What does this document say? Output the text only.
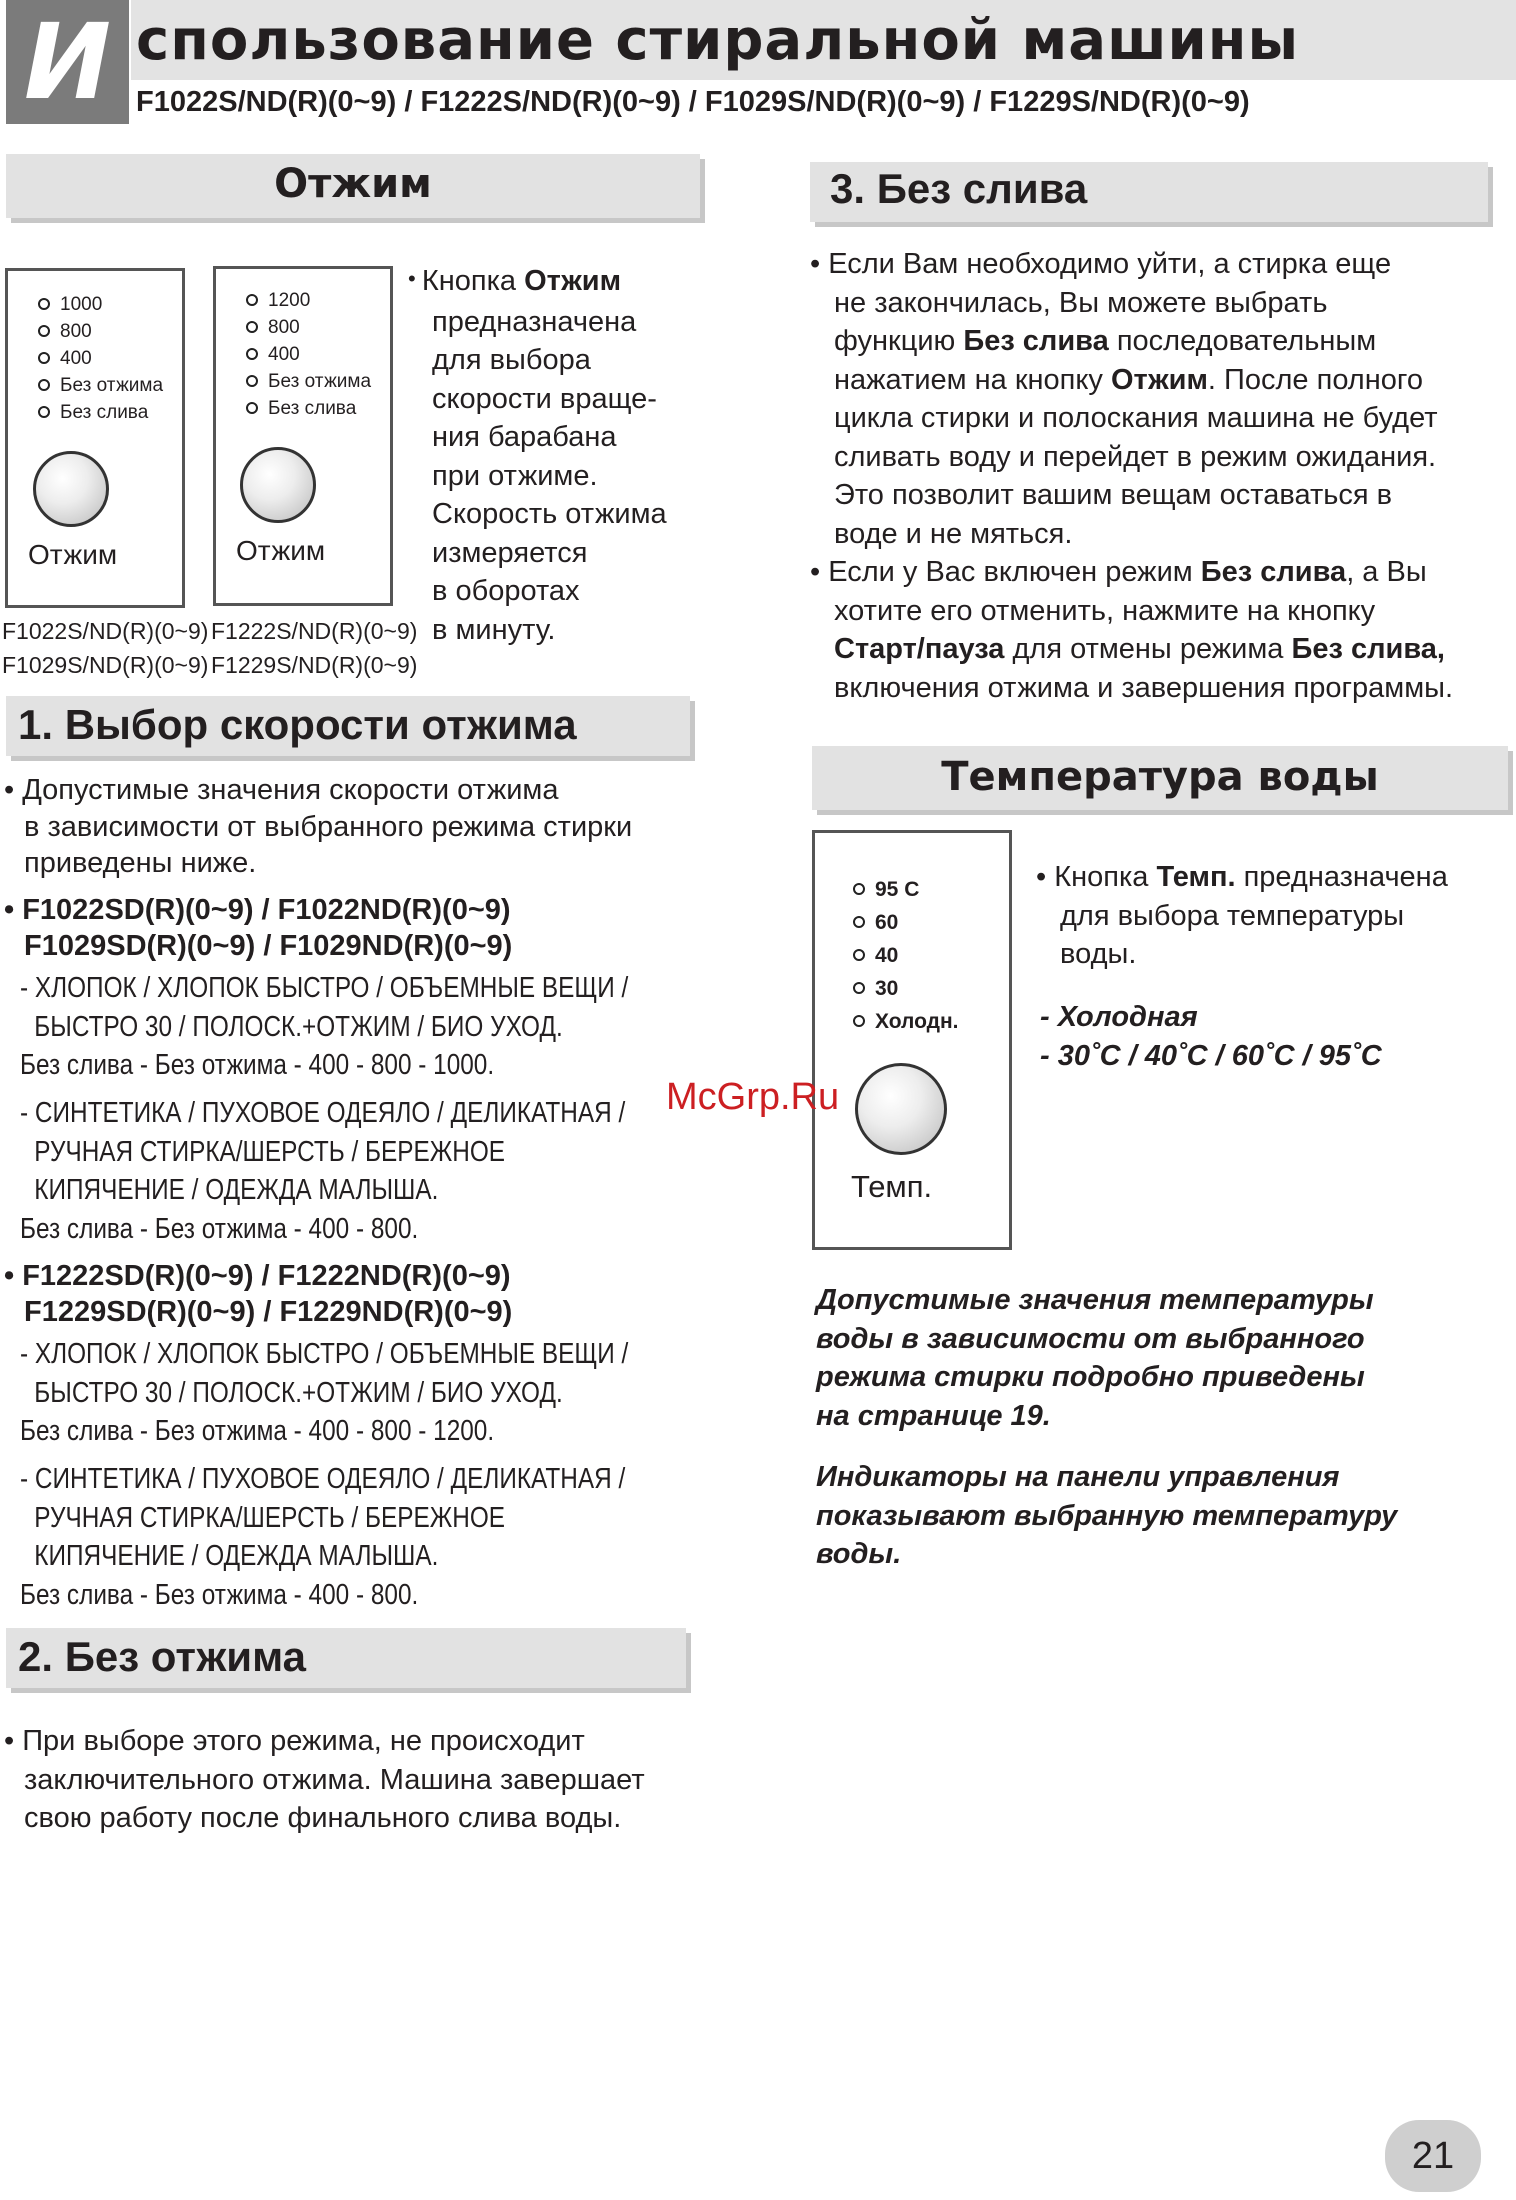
И спользование стиральной машины
F1022S/ND(R)(0~9) / F1222S/ND(R)(0~9) / F1029S/ND(R)(0~9) / F1229S/ND(R)(0~9)
Отжим
1000
800
400
Без отжима
Без слива
Отжим
F1022S/ND(R)(0~9)
F1029S/ND(R)(0~9)
1200
800
400
Без отжима
Без слива
Отжим
F1222S/ND(R)(0~9)
F1229S/ND(R)(0~9)
• Кнопка Отжим
предназначена
для выбора
скорости враще-
ния барабана
при отжиме.
Скорость отжима
измеряется
в оборотах
в минуту.
1. Выбор скорости отжима
• Допустимые значения скорости отжима
в зависимости от выбранного режима стирки
приведены ниже.
• F1022SD(R)(0~9) / F1022ND(R)(0~9)
F1029SD(R)(0~9) / F1029ND(R)(0~9)
- ХЛОПОК / ХЛОПОК БЫСТРО / ОБЪЕМНЫЕ ВЕЩИ /
БЫСТРО 30 / ПОЛОСК.+ОТЖИМ / БИО УХОД.
Без слива - Без отжима - 400 - 800 - 1000.
- СИНТЕТИКА / ПУХОВОЕ ОДЕЯЛО / ДЕЛИКАТНАЯ /
РУЧНАЯ СТИРКА/ШЕРСТЬ / БЕРЕЖНОЕ
КИПЯЧЕНИЕ / ОДЕЖДА МАЛЫША.
Без слива - Без отжима - 400 - 800.
• F1222SD(R)(0~9) / F1222ND(R)(0~9)
F1229SD(R)(0~9) / F1229ND(R)(0~9)
- ХЛОПОК / ХЛОПОК БЫСТРО / ОБЪЕМНЫЕ ВЕЩИ /
БЫСТРО 30 / ПОЛОСК.+ОТЖИМ / БИО УХОД.
Без слива - Без отжима - 400 - 800 - 1200.
- СИНТЕТИКА / ПУХОВОЕ ОДЕЯЛО / ДЕЛИКАТНАЯ /
РУЧНАЯ СТИРКА/ШЕРСТЬ / БЕРЕЖНОЕ
КИПЯЧЕНИЕ / ОДЕЖДА МАЛЫША.
Без слива - Без отжима - 400 - 800.
2. Без отжима
• При выборе этого режима, не происходит
заключительного отжима. Машина завершает
свою работу после финального слива воды.
3. Без слива
• Если Вам необходимо уйти, а стирка еще
не закончилась, Вы можете выбрать
функцию Без слива последовательным
нажатием на кнопку Отжим. После полного
цикла стирки и полоскания машина не будет
сливать воду и перейдет в режим ожидания.
Это позволит вашим вещам оставаться в
воде и не мяться.
• Если у Вас включен режим Без слива, а Вы
хотите его отменить, нажмите на кнопку
Старт/пауза для отмены режима Без слива,
включения отжима и завершения программы.
Температура воды
95 С
60
40
30
Холодн.
Темп.
• Кнопка Темп. предназначена
для выбора температуры
воды.
- Холодная
- 30˚С / 40˚С / 60˚С / 95˚С
Допустимые значения температуры
воды в зависимости от выбранного
режима стирки подробно приведены
на странице 19.
Индикаторы на панели управления
показывают выбранную температуру
воды.
McGrp.Ru
21
